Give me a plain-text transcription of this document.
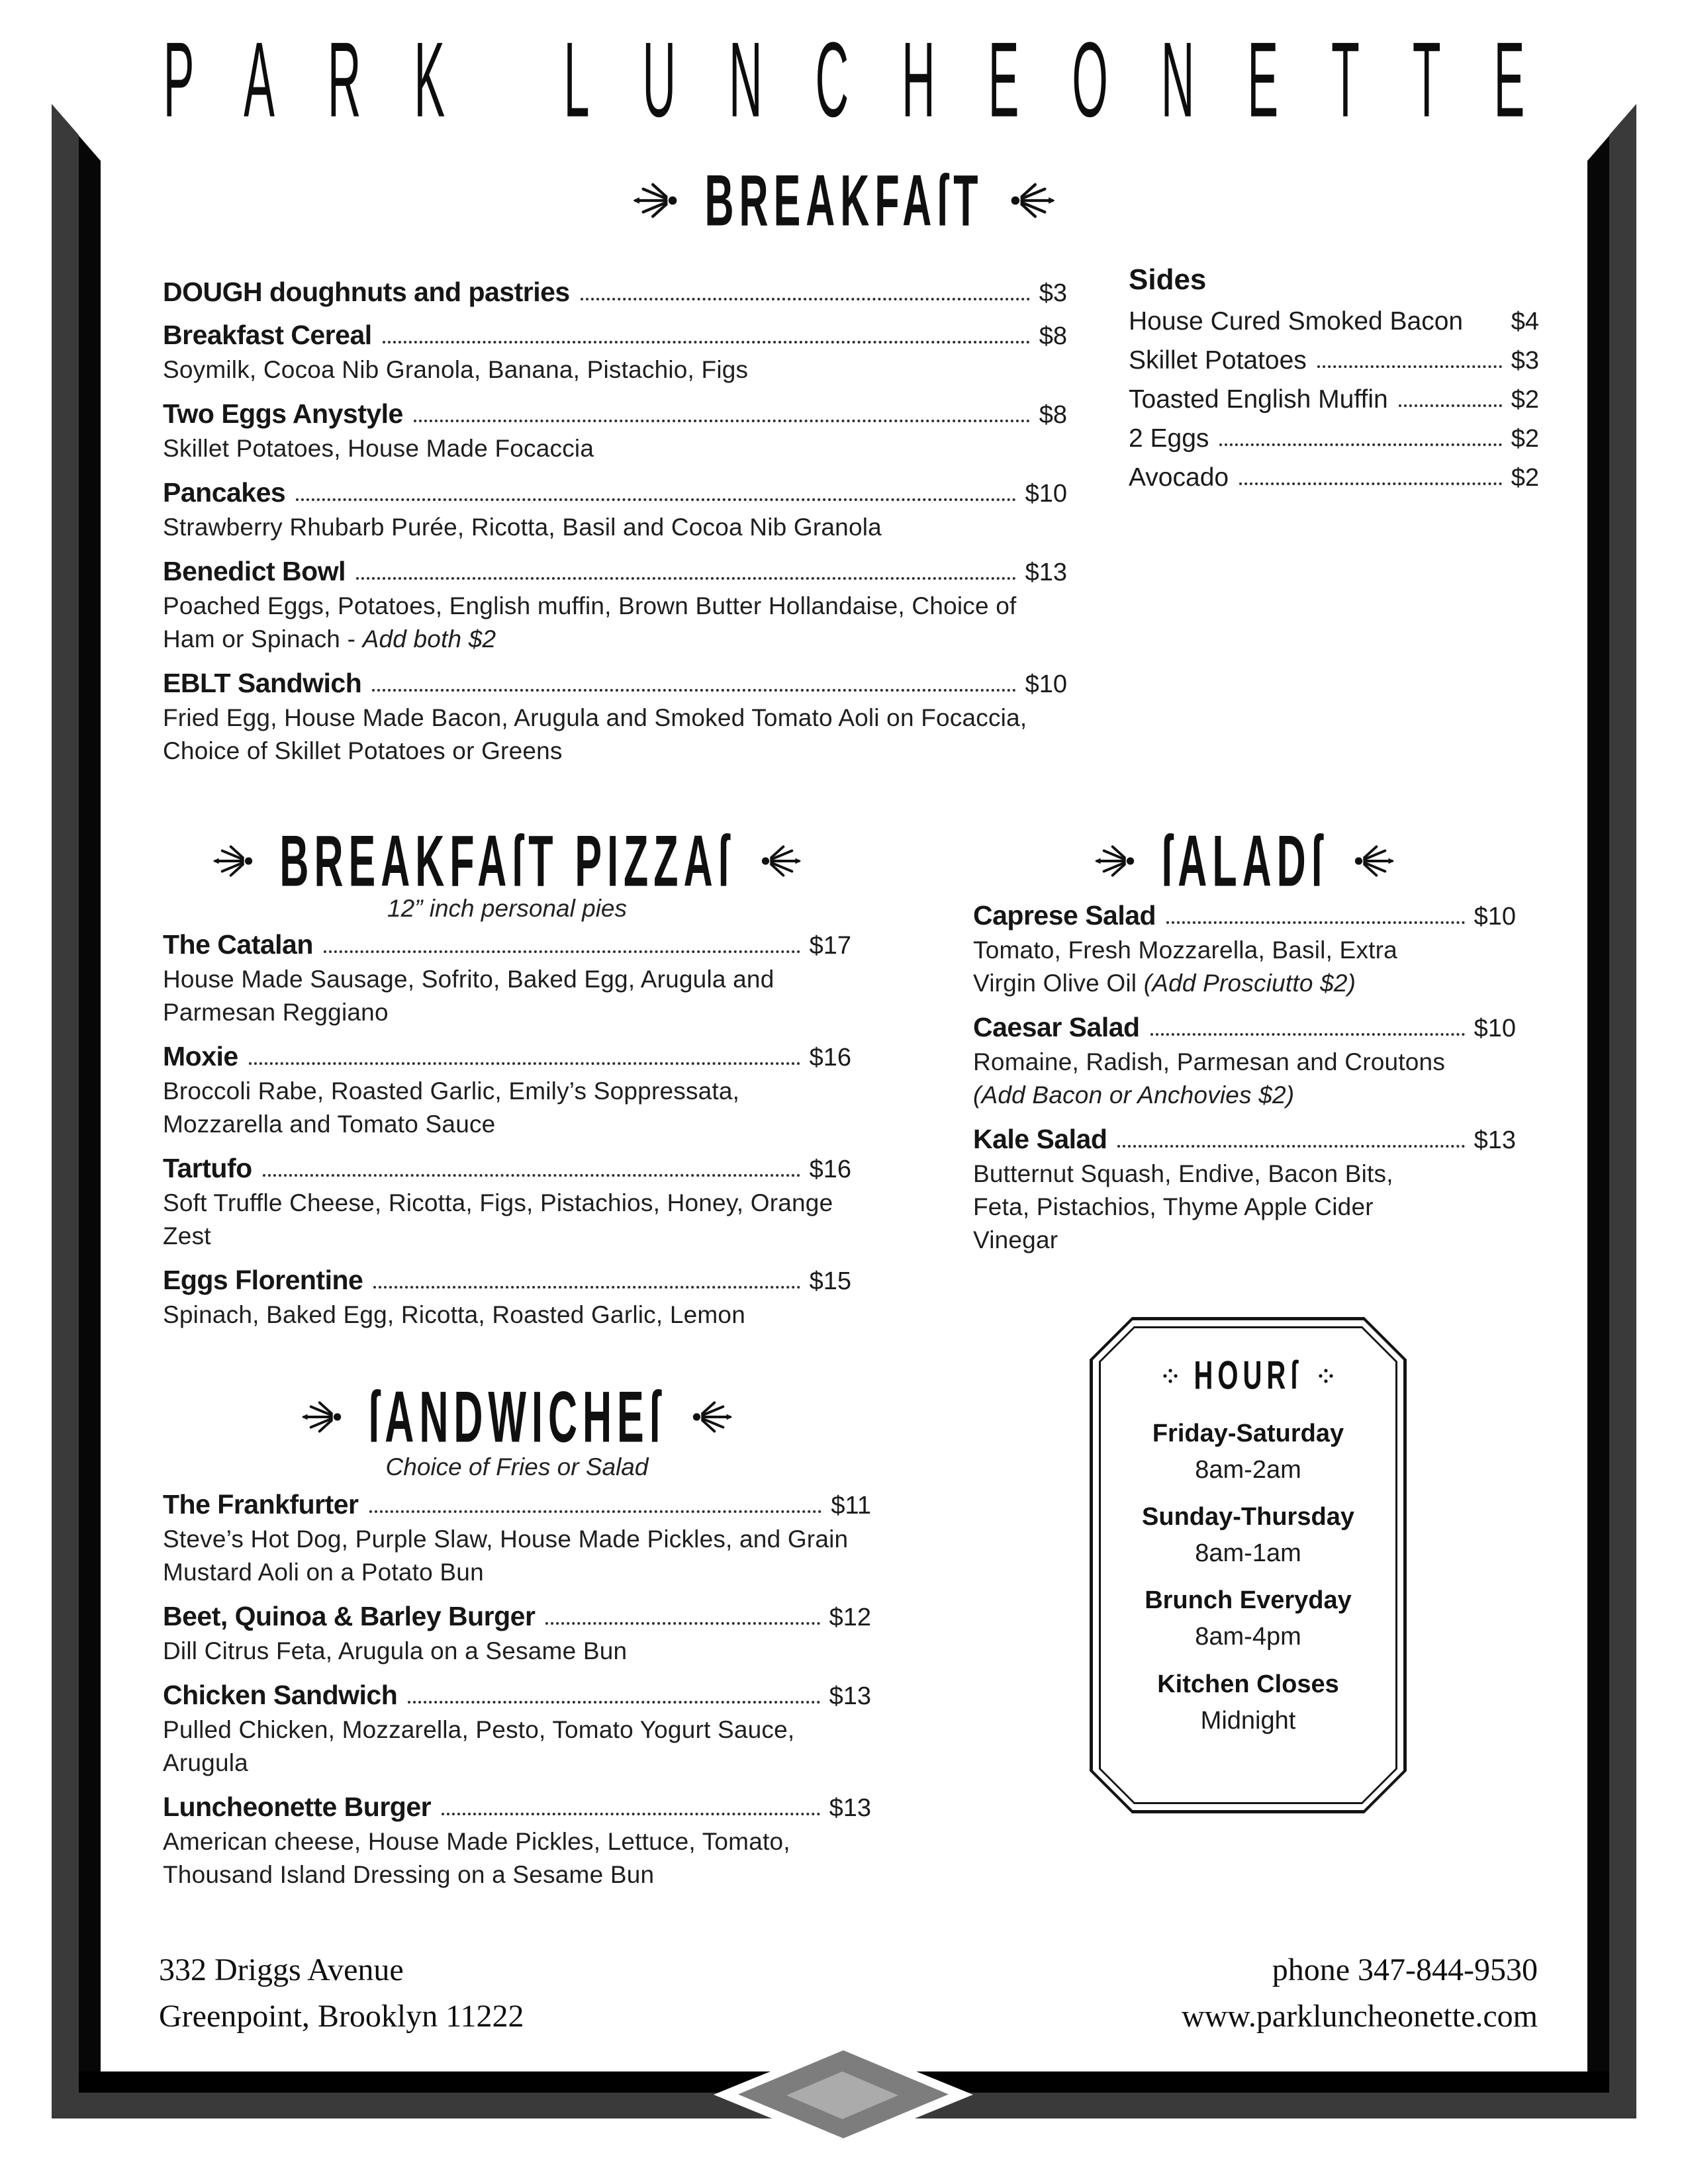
PARK LUNCHEONETTE
BREAKFAſT
DOUGH doughnuts and pastries	$3
Breakfast Cereal	$8
Soymilk, Cocoa Nib Granola, Banana, Pistachio, Figs
Two Eggs Anystyle	$8
Skillet Potatoes, House Made Focaccia
Pancakes	$10
Strawberry Rhubarb Purée, Ricotta, Basil and Cocoa Nib Granola
Benedict Bowl	$13
Poached Eggs, Potatoes, English muffin, Brown Butter Hollandaise, Choice of Ham or Spinach - Add both $2
EBLT Sandwich	$10
Fried Egg, House Made Bacon, Arugula and Smoked Tomato Aoli on Focaccia, Choice of Skillet Potatoes or Greens
Sides
House Cured Smoked Bacon $4
Skillet Potatoes	$3
Toasted English Muffin	$2
2 Eggs	$2
Avocado	$2
BREAKFAſT PIZZAſ
12” inch personal pies
The Catalan	$17
House Made Sausage, Sofrito, Baked Egg, Arugula and Parmesan Reggiano
Moxie	$16
Broccoli Rabe, Roasted Garlic, Emily’s Soppressata, Mozzarella and Tomato Sauce
Tartufo	$16
Soft Truffle Cheese, Ricotta, Figs, Pistachios, Honey, Orange Zest
Eggs Florentine	$15
Spinach, Baked Egg, Ricotta, Roasted Garlic, Lemon
ſALADſ
Caprese Salad	$10
Tomato, Fresh Mozzarella, Basil, Extra Virgin Olive Oil (Add Prosciutto $2)
Caesar Salad	$10
Romaine, Radish, Parmesan and Croutons (Add Bacon or Anchovies $2)
Kale Salad	$13
Butternut Squash, Endive, Bacon Bits, Feta, Pistachios, Thyme Apple Cider Vinegar
ſANDWICHEſ
Choice of Fries or Salad
The Frankfurter	$11
Steve’s Hot Dog, Purple Slaw, House Made Pickles, and Grain Mustard Aoli on a Potato Bun
Beet, Quinoa & Barley Burger	$12
Dill Citrus Feta, Arugula on a Sesame Bun
Chicken Sandwich	$13
Pulled Chicken, Mozzarella, Pesto, Tomato Yogurt Sauce, Arugula
Luncheonette Burger	$13
American cheese, House Made Pickles, Lettuce, Tomato, Thousand Island Dressing on a Sesame Bun
HOURſ
Friday-Saturday
8am-2am
Sunday-Thursday
8am-1am
Brunch Everyday
8am-4pm
Kitchen Closes
Midnight
332 Driggs Avenue
Greenpoint, Brooklyn 11222
phone 347-844-9530
www.parkluncheonette.com
